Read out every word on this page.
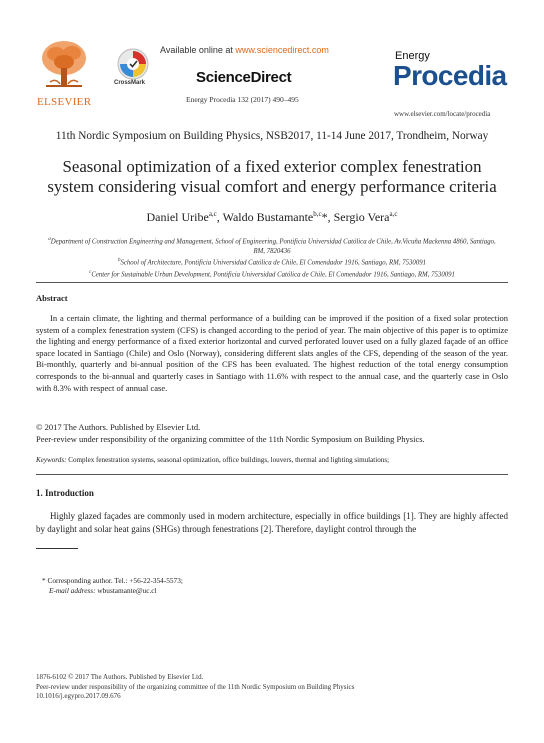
ELSEVIER
CrossMark
Available online at www.sciencedirect.com
ScienceDirect
Energy Procedia 132 (2017) 490–495
Energy
Procedia
www.elsevier.com/locate/procedia
11th Nordic Symposium on Building Physics, NSB2017, 11-14 June 2017, Trondheim, Norway
Seasonal optimization of a fixed exterior complex fenestration
system considering visual comfort and energy performance criteria
Daniel Uribe$^{a,c}$, Waldo Bustamante$^{b,c}$*, Sergio Vera$^{a,c}$
$^a$Department of Construction Engineering and Management, School of Engineering, Pontificia Universidad Católica de Chile, Av.Vicuña Mackenna 4860, Santiago, RM, 7820436
$^b$School of Architecture, Pontificia Universidad Católica de Chile, El Comendador 1916, Santiago, RM, 7530091
$^c$Center for Sustainable Urban Development, Pontificia Universidad Católica de Chile, El Comendador 1916, Santiago, RM, 7530091
Abstract
In a certain climate, the lighting and thermal performance of a building can be improved if the position of a fixed solar protection system of a complex fenestration system (CFS) is changed according to the period of year. The main objective of this paper is to optimize the lighting and energy performance of a fixed exterior horizontal and curved perforated louver used on a fully glazed façade of an office space located in Santiago (Chile) and Oslo (Norway), considering different slats angles of the CFS, depending of the season of the year. Bi-monthly, quarterly and bi-annual position of the CFS has been evaluated. The highest reduction of the total energy consumption corresponds to the bi-annual and quarterly cases in Santiago with 11.6% with respect to the annual case, and the quarterly case in Oslo with 8.3% with respect of annual case.
© 2017 The Authors. Published by Elsevier Ltd.
Peer-review under responsibility of the organizing committee of the 11th Nordic Symposium on Building Physics.
Keywords: Complex fenestration systems, seasonal optimization, office buildings, louvers, thermal and lighting simulations;
1. Introduction
Highly glazed façades are commonly used in modern architecture, especially in office buildings [1]. They are highly affected by daylight and solar heat gains (SHGs) through fenestrations [2]. Therefore, daylight control through the
* Corresponding author. Tel.: +56-22-354-5573;
E-mail address: wbustamante@uc.cl
1876-6102 © 2017 The Authors. Published by Elsevier Ltd.
Peer-review under responsibility of the organizing committee of the 11th Nordic Symposium on Building Physics
10.1016/j.egypro.2017.09.676
